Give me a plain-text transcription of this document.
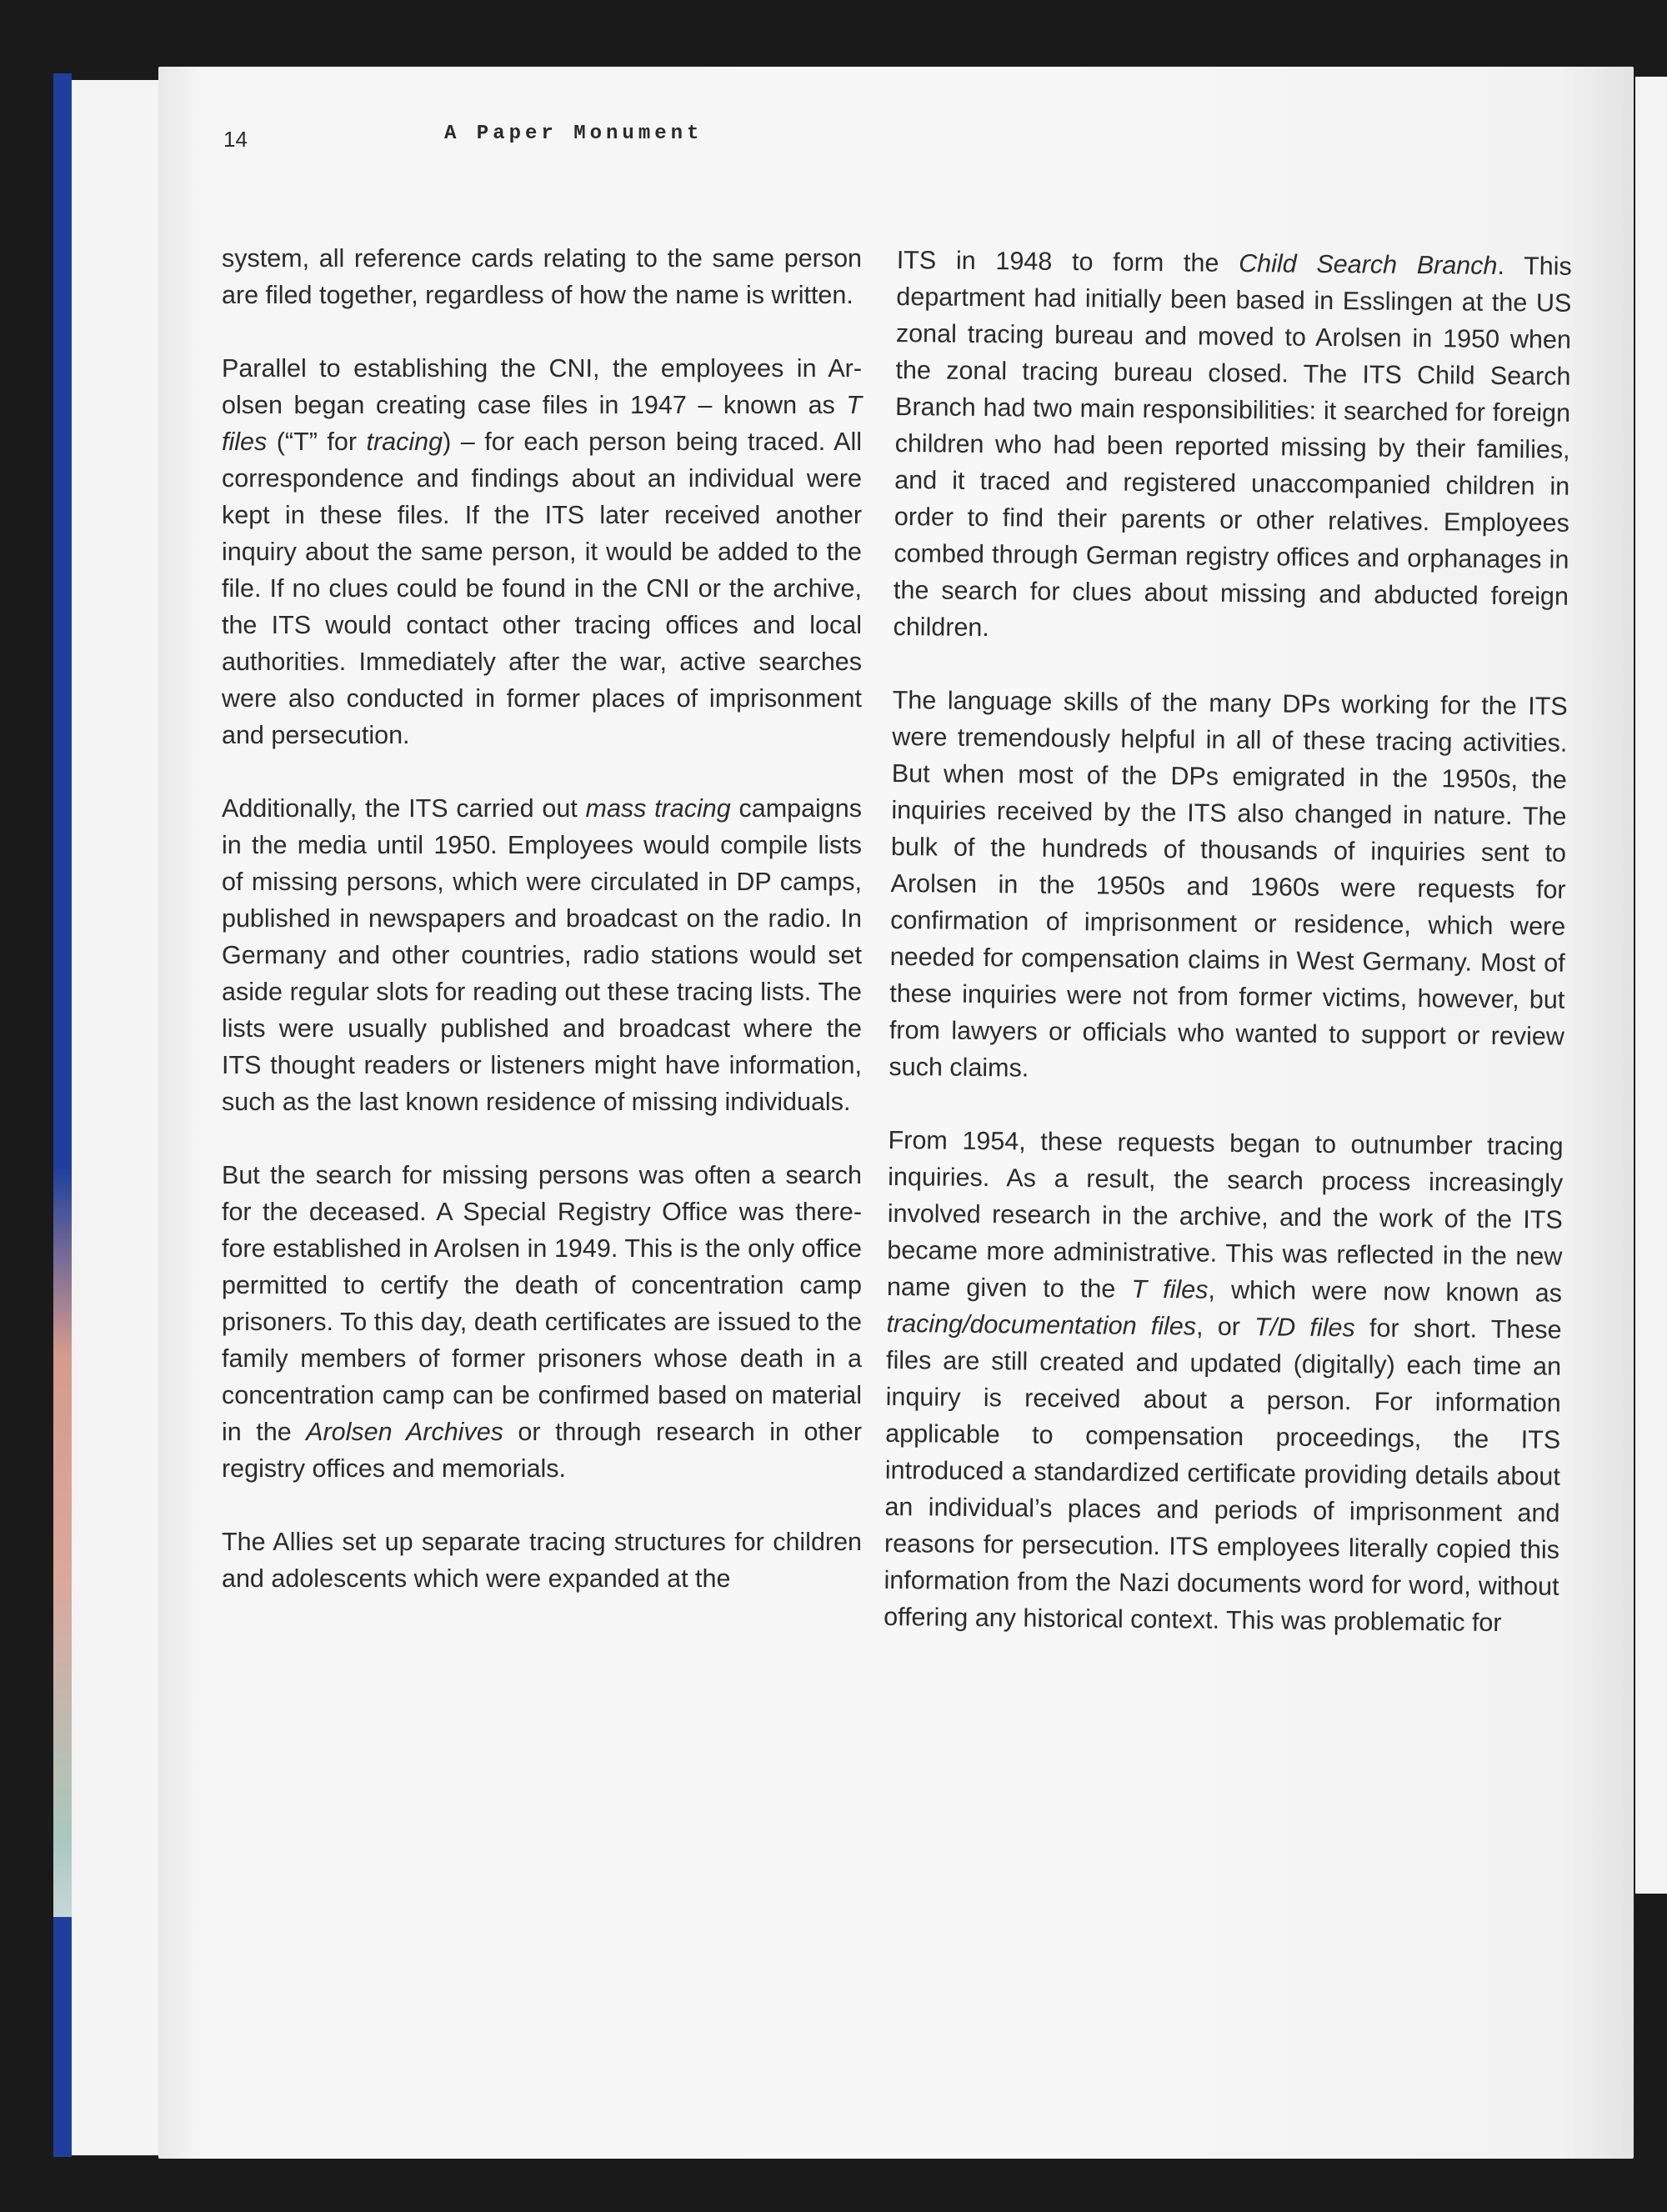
14	A Paper Monument

system, all reference cards relating to the same person are filed together, regardless of how the name is written.

Parallel to establishing the CNI, the employees in Arolsen began creating case files in 1947 – known as T files (“T” for tracing) – for each person being traced. All correspondence and findings about an individual were kept in these files. If the ITS later received another inquiry about the same person, it would be added to the file. If no clues could be found in the CNI or the archive, the ITS would contact other tracing offices and local authorities. Immediately after the war, active searches were also conducted in former places of imprisonment and persecution.

Additionally, the ITS carried out mass tracing campaigns in the media until 1950. Employees would compile lists of missing persons, which were circulated in DP camps, published in newspapers and broadcast on the radio. In Germany and other countries, radio stations would set aside regular slots for reading out these tracing lists. The lists were usually published and broadcast where the ITS thought readers or listeners might have information, such as the last known residence of missing individuals.

But the search for missing persons was often a search for the deceased. A Special Registry Office was therefore established in Arolsen in 1949. This is the only office permitted to certify the death of concentration camp prisoners. To this day, death certificates are issued to the family members of former prisoners whose death in a concentration camp can be confirmed based on material in the Arolsen Archives or through research in other registry offices and memorials.

The Allies set up separate tracing structures for children and adolescents which were expanded at the

ITS in 1948 to form the Child Search Branch. This department had initially been based in Esslingen at the US zonal tracing bureau and moved to Arolsen in 1950 when the zonal tracing bureau closed. The ITS Child Search Branch had two main responsibilities: it searched for foreign children who had been reported missing by their families, and it traced and registered unaccompanied children in order to find their parents or other relatives. Employees combed through German registry offices and orphanages in the search for clues about missing and abducted foreign children.

The language skills of the many DPs working for the ITS were tremendously helpful in all of these tracing activities. But when most of the DPs emigrated in the 1950s, the inquiries received by the ITS also changed in nature. The bulk of the hundreds of thousands of inquiries sent to Arolsen in the 1950s and 1960s were requests for confirmation of imprisonment or residence, which were needed for compensation claims in West Germany. Most of these inquiries were not from former victims, however, but from lawyers or officials who wanted to support or review such claims.

From 1954, these requests began to outnumber tracing inquiries. As a result, the search process increasingly involved research in the archive, and the work of the ITS became more administrative. This was reflected in the new name given to the T files, which were now known as tracing/documentation files, or T/D files for short. These files are still created and updated (digitally) each time an inquiry is received about a person. For information applicable to compensation proceedings, the ITS introduced a standardized certificate providing details about an individual’s places and periods of imprisonment and reasons for persecution. ITS employees literally copied this information from the Nazi documents word for word, without offering any historical context. This was problematic for
